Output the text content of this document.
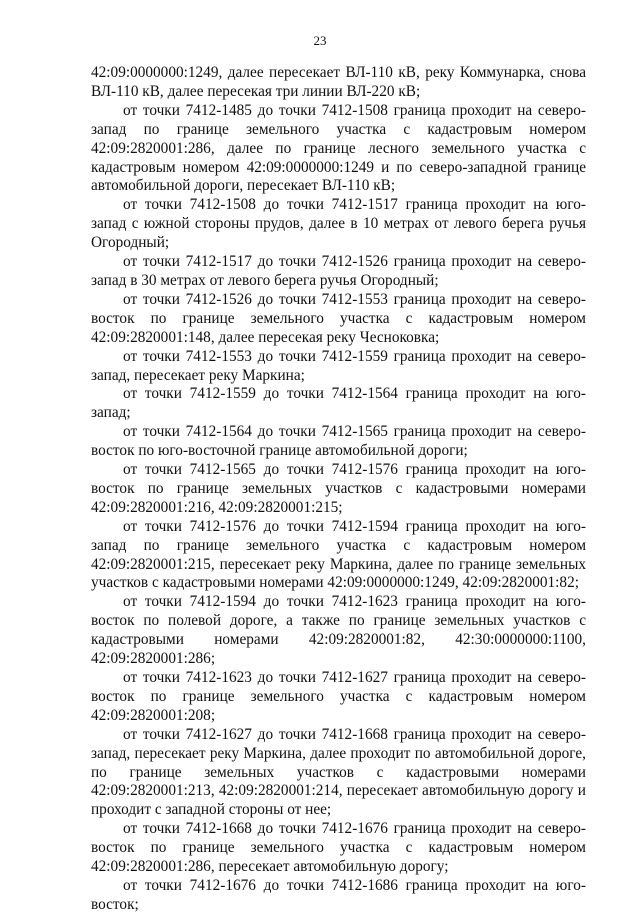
23

42:09:0000000:1249, далее пересекает ВЛ-110 кВ, реку Коммунарка, снова ВЛ-110 кВ, далее пересекая три линии ВЛ-220 кВ;

от точки 7412-1485 до точки 7412-1508 граница проходит на северо-запад по границе земельного участка с кадастровым номером 42:09:2820001:286, далее по границе лесного земельного участка с кадастровым номером 42:09:0000000:1249 и по северо-западной границе автомобильной дороги, пересекает ВЛ-110 кВ;

от точки 7412-1508 до точки 7412-1517 граница проходит на юго-запад с южной стороны прудов, далее в 10 метрах от левого берега ручья Огородный;

от точки 7412-1517 до точки 7412-1526 граница проходит на северо-запад в 30 метрах от левого берега ручья Огородный;

от точки 7412-1526 до точки 7412-1553 граница проходит на северо-восток по границе земельного участка с кадастровым номером 42:09:2820001:148, далее пересекая реку Чесноковка;

от точки 7412-1553 до точки 7412-1559 граница проходит на северо-запад, пересекает реку Маркина;

от точки 7412-1559 до точки 7412-1564 граница проходит на юго-запад;

от точки 7412-1564 до точки 7412-1565 граница проходит на северо-восток по юго-восточной границе автомобильной дороги;

от точки 7412-1565 до точки 7412-1576 граница проходит на юго-восток по границе земельных участков с кадастровыми номерами 42:09:2820001:216, 42:09:2820001:215;

от точки 7412-1576 до точки 7412-1594 граница проходит на юго-запад по границе земельного участка с кадастровым номером 42:09:2820001:215, пересекает реку Маркина, далее по границе земельных участков с кадастровыми номерами 42:09:0000000:1249, 42:09:2820001:82;

от точки 7412-1594 до точки 7412-1623 граница проходит на юго-восток по полевой дороге, а также по границе земельных участков с кадастровыми номерами 42:09:2820001:82, 42:30:0000000:1100, 42:09:2820001:286;

от точки 7412-1623 до точки 7412-1627 граница проходит на северо-восток по границе земельного участка с кадастровым номером 42:09:2820001:208;

от точки 7412-1627 до точки 7412-1668 граница проходит на северо-запад, пересекает реку Маркина, далее проходит по автомобильной дороге, по границе земельных участков с кадастровыми номерами 42:09:2820001:213, 42:09:2820001:214, пересекает автомобильную дорогу и проходит с западной стороны от нее;

от точки 7412-1668 до точки 7412-1676 граница проходит на северо-восток по границе земельного участка с кадастровым номером 42:09:2820001:286, пересекает автомобильную дорогу;

от точки 7412-1676 до точки 7412-1686 граница проходит на юго-восток;
